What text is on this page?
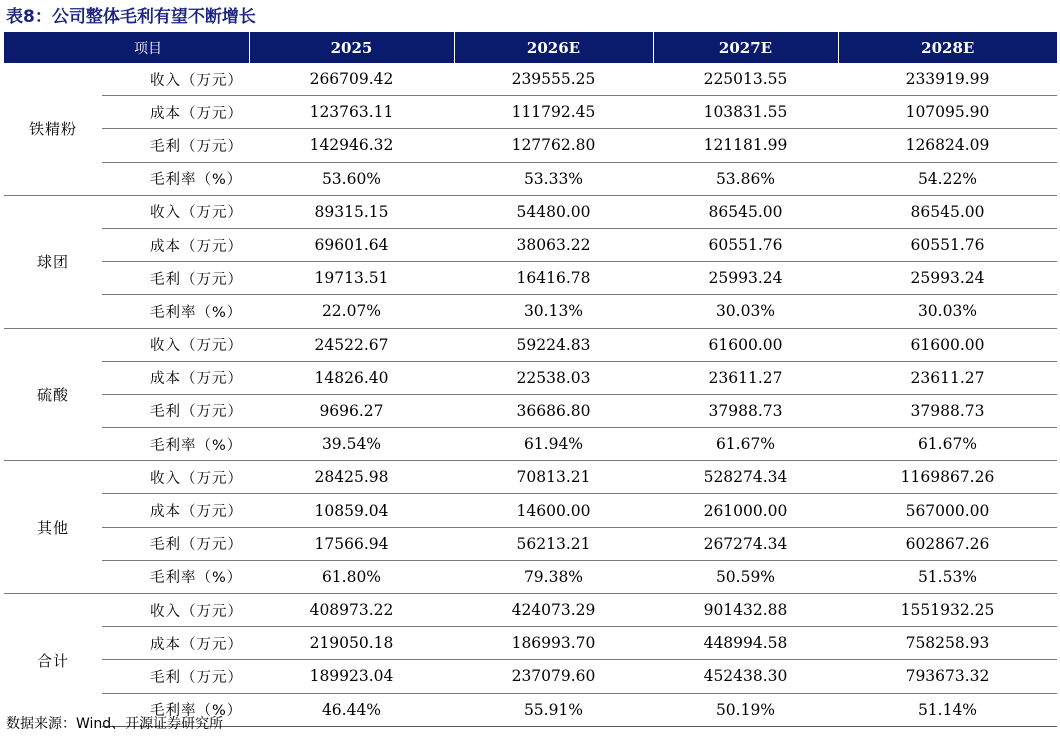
表8：公司整体毛利有望不断增长
项目		2025	2026E	2027E	2028E
铁精粉	收入（万元）	266709.42	239555.25	225013.55	233919.99
	成本（万元）	123763.11	111792.45	103831.55	107095.90
	毛利（万元）	142946.32	127762.80	121181.99	126824.09
	毛利率（%）	53.60%	53.33%	53.86%	54.22%
球团	收入（万元）	89315.15	54480.00	86545.00	86545.00
	成本（万元）	69601.64	38063.22	60551.76	60551.76
	毛利（万元）	19713.51	16416.78	25993.24	25993.24
	毛利率（%）	22.07%	30.13%	30.03%	30.03%
硫酸	收入（万元）	24522.67	59224.83	61600.00	61600.00
	成本（万元）	14826.40	22538.03	23611.27	23611.27
	毛利（万元）	9696.27	36686.80	37988.73	37988.73
	毛利率（%）	39.54%	61.94%	61.67%	61.67%
其他	收入（万元）	28425.98	70813.21	528274.34	1169867.26
	成本（万元）	10859.04	14600.00	261000.00	567000.00
	毛利（万元）	17566.94	56213.21	267274.34	602867.26
	毛利率（%）	61.80%	79.38%	50.59%	51.53%
合计	收入（万元）	408973.22	424073.29	901432.88	1551932.25
	成本（万元）	219050.18	186993.70	448994.58	758258.93
	毛利（万元）	189923.04	237079.60	452438.30	793673.32
	毛利率（%）	46.44%	55.91%	50.19%	51.14%
数据来源：Wind、开源证券研究所
